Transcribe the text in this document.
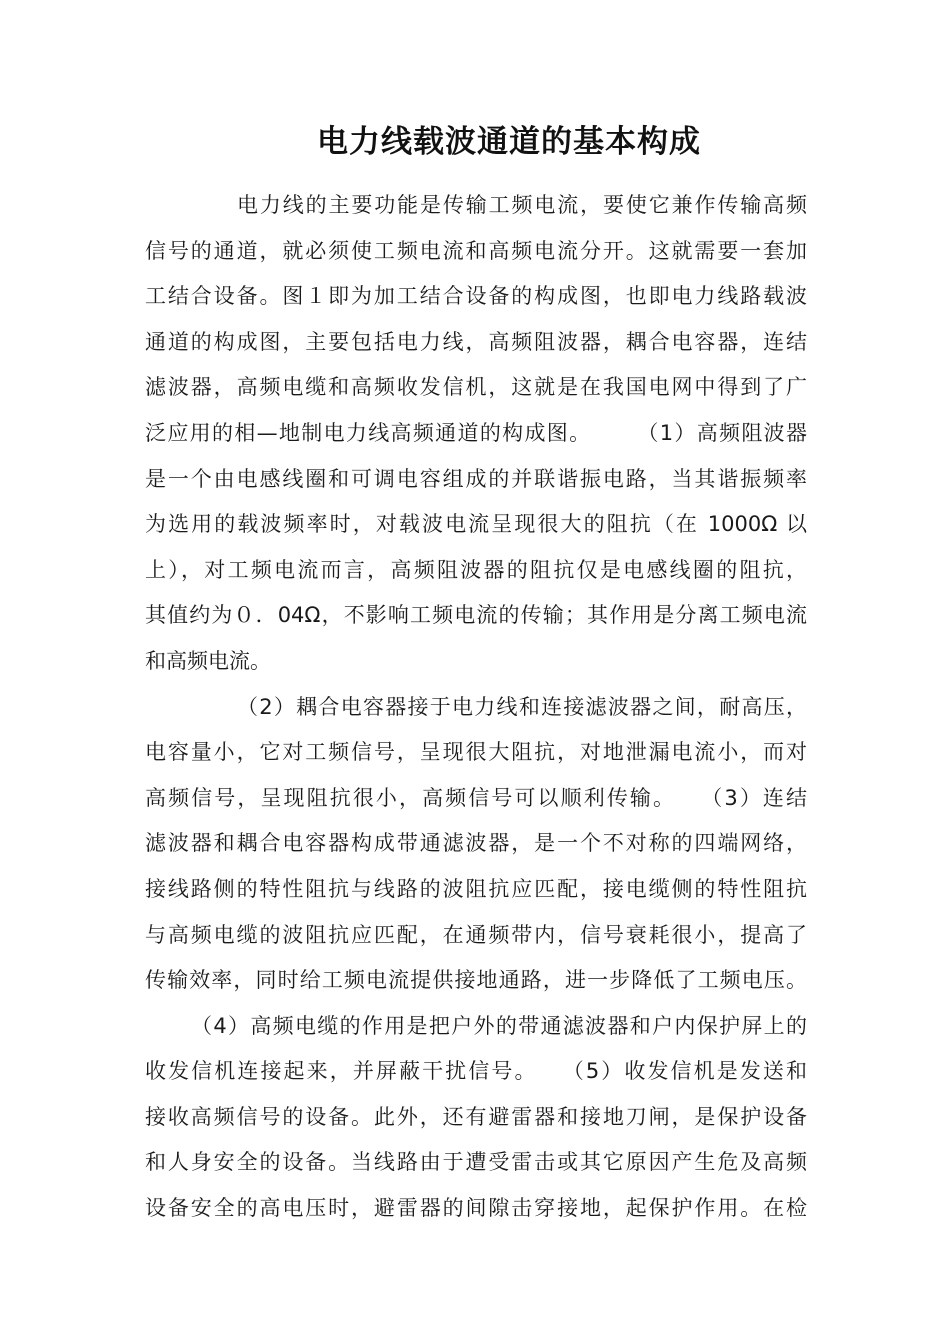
电力线载波通道的基本构成
电力线的主要功能是传输工频电流，要使它兼作传输高频
信号的通道，就必须使工频电流和高频电流分开。这就需要一套加
工结合设备。图１即为加工结合设备的构成图，也即电力线路载波
通道的构成图，主要包括电力线，高频阻波器，耦合电容器，连结
滤波器，高频电缆和高频收发信机，这就是在我国电网中得到了广
泛应用的相—地制电力线高频通道的构成图。　　　（1）高频阻波器
是一个由电感线圈和可调电容组成的并联谐振电路，当其谐振频率
为选用的载波频率时，对载波电流呈现很大的阻抗（在 1000Ω 以
上），对工频电流而言，高频阻波器的阻抗仅是电感线圈的阻抗，
其值约为０．04Ω，不影响工频电流的传输；其作用是分离工频电流
和高频电流。
（2）耦合电容器接于电力线和连接滤波器之间，耐高压，
电容量小，它对工频信号，呈现很大阻抗，对地泄漏电流小，而对
高频信号，呈现阻抗很小，高频信号可以顺利传输。　　（3）连结
滤波器和耦合电容器构成带通滤波器，是一个不对称的四端网络，
接线路侧的特性阻抗与线路的波阻抗应匹配，接电缆侧的特性阻抗
与高频电缆的波阻抗应匹配，在通频带内，信号衰耗很小，提高了
传输效率，同时给工频电流提供接地通路，进一步降低了工频电压。
（4）高频电缆的作用是把户外的带通滤波器和户内保护屏上的
收发信机连接起来，并屏蔽干扰信号。　　（5）收发信机是发送和
接收高频信号的设备。此外，还有避雷器和接地刀闸，是保护设备
和人身安全的设备。当线路由于遭受雷击或其它原因产生危及高频
设备安全的高电压时，避雷器的间隙击穿接地，起保护作用。在检
